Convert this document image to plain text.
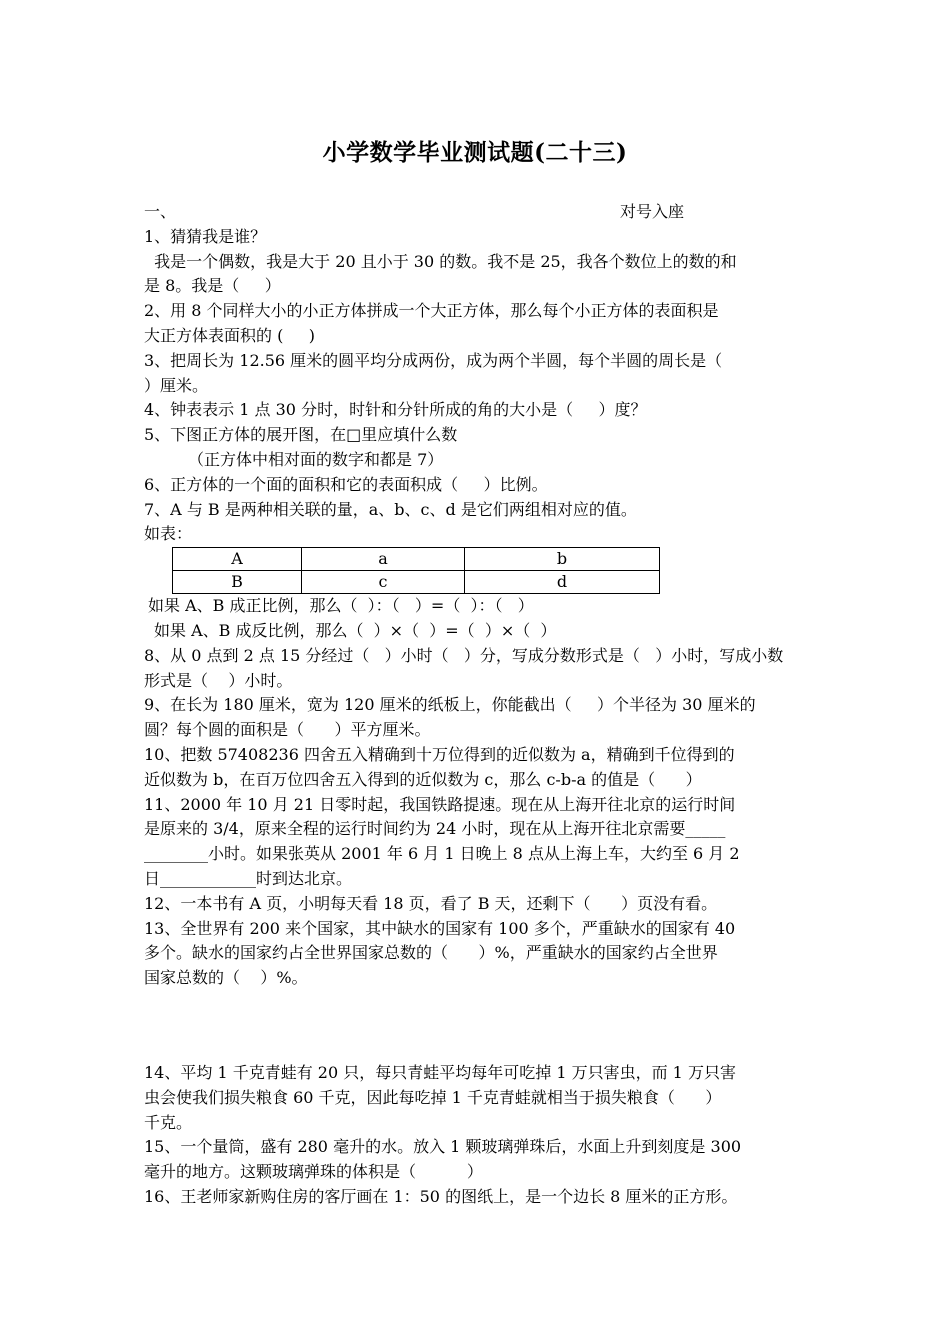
小学数学毕业测试题(二十三)
一、	对号入座
1、猜猜我是谁？
我是一个偶数，我是大于 20 且小于 30 的数。我不是 25，我各个数位上的数的和
是 8。我是（     ）
2、用 8 个同样大小的小正方体拼成一个大正方体，那么每个小正方体的表面积是
大正方体表面积的 (     )
3、把周长为 12.56 厘米的圆平均分成两份，成为两个半圆，每个半圆的周长是（
）厘米。
4、钟表表示 1 点 30 分时，时针和分针所成的角的大小是（     ）度？
5、下图正方体的展开图，在□里应填什么数
（正方体中相对面的数字和都是 7）
6、正方体的一个面的面积和它的表面积成（     ）比例。
7、A 与 B 是两种相关联的量，a、b、c、d 是它们两组相对应的值。
如表：
A	a	b
B	c	d
如果 A、B 成正比例，那么（  ）：（   ）=（  ）：（   ）
如果 A、B 成反比例，那么（  ）×（  ）=（  ）×（  ）
8、从 0 点到 2 点 15 分经过（   ）小时（   ）分，写成分数形式是（   ）小时，写成小数
形式是（    ）小时。
9、在长为 180 厘米，宽为 120 厘米的纸板上，你能截出（     ）个半径为 30 厘米的
圆？每个圆的面积是（      ）平方厘米。
10、把数 57408236 四舍五入精确到十万位得到的近似数为 a，精确到千位得到的
近似数为 b，在百万位四舍五入得到的近似数为 c，那么 c-b-a 的值是（      ）
11、2000 年 10 月 21 日零时起，我国铁路提速。现在从上海开往北京的运行时间
是原来的 3/4，原来全程的运行时间约为 24 小时，现在从上海开往北京需要_____
________小时。如果张英从 2001 年 6 月 1 日晚上 8 点从上海上车，大约至 6 月 2
日____________时到达北京。
12、一本书有 A 页，小明每天看 18 页，看了 B 天，还剩下（      ）页没有看。
13、全世界有 200 来个国家，其中缺水的国家有 100 多个，严重缺水的国家有 40
多个。缺水的国家约占全世界国家总数的（      ）%，严重缺水的国家约占全世界
国家总数的（    ）%。
14、平均 1 千克青蛙有 20 只，每只青蛙平均每年可吃掉 1 万只害虫，而 1 万只害
虫会使我们损失粮食 60 千克，因此每吃掉 1 千克青蛙就相当于损失粮食（      ）
千克。
15、一个量筒，盛有 280 毫升的水。放入 1 颗玻璃弹珠后，水面上升到刻度是 300
毫升的地方。这颗玻璃弹珠的体积是（          ）
16、王老师家新购住房的客厅画在 1：50 的图纸上，是一个边长 8 厘米的正方形。
